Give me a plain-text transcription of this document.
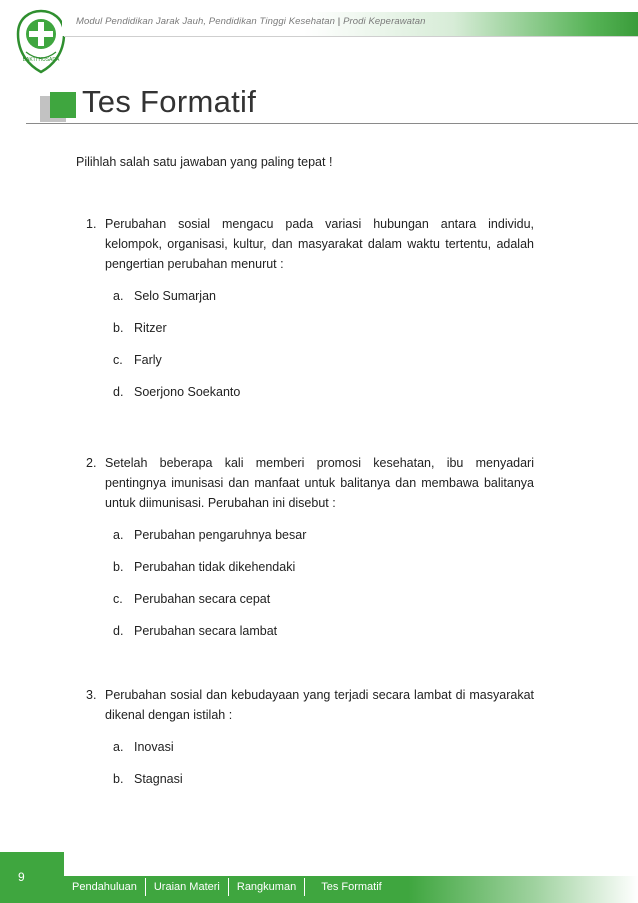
BAKTI HUSADA
Modul Pendidikan Jarak Jauh, Pendidikan Tinggi Kesehatan | Prodi Keperawatan
Tes Formatif
Pilihlah salah satu jawaban yang paling tepat !
1. Perubahan sosial mengacu pada variasi hubungan antara individu, kelompok, organisasi, kultur, dan masyarakat dalam waktu tertentu, adalah pengertian perubahan menurut :
a. Selo Sumarjan
b. Ritzer
c. Farly
d. Soerjono Soekanto
2. Setelah beberapa kali memberi promosi kesehatan, ibu menyadari pentingnya imunisasi dan manfaat untuk balitanya dan membawa balitanya untuk diimunisasi. Perubahan ini disebut :
a. Perubahan pengaruhnya besar
b. Perubahan tidak dikehendaki
c. Perubahan secara cepat
d. Perubahan secara lambat
3. Perubahan sosial dan kebudayaan yang terjadi secara lambat di masyarakat dikenal dengan istilah :
a. Inovasi
b. Stagnasi
9
Pendahuluan	Uraian Materi	Rangkuman	Tes Formatif
